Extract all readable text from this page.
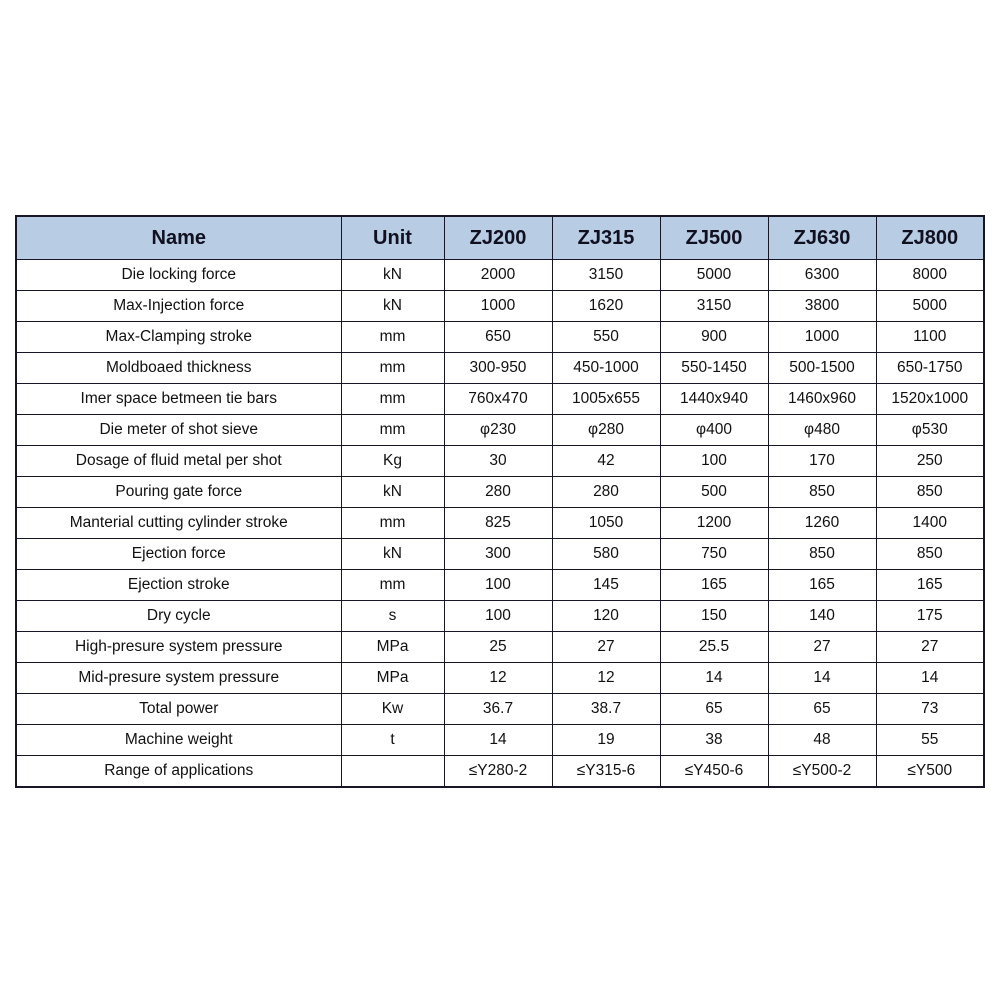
Name	Unit	ZJ200	ZJ315	ZJ500	ZJ630	ZJ800
Die locking force	kN	2000	3150	5000	6300	8000
Max-Injection force	kN	1000	1620	3150	3800	5000
Max-Clamping stroke	mm	650	550	900	1000	1100
Moldboaed thickness	mm	300-950	450-1000	550-1450	500-1500	650-1750
Imer space betmeen tie bars	mm	760x470	1005x655	1440x940	1460x960	1520x1000
Die meter of shot sieve	mm	φ230	φ280	φ400	φ480	φ530
Dosage of fluid metal per shot	Kg	30	42	100	170	250
Pouring gate force	kN	280	280	500	850	850
Manterial cutting cylinder stroke	mm	825	1050	1200	1260	1400
Ejection force	kN	300	580	750	850	850
Ejection stroke	mm	100	145	165	165	165
Dry cycle	s	100	120	150	140	175
High-presure system pressure	MPa	25	27	25.5	27	27
Mid-presure system pressure	MPa	12	12	14	14	14
Total power	Kw	36.7	38.7	65	65	73
Machine weight	t	14	19	38	48	55
Range of applications		≤Y280-2	≤Y315-6	≤Y450-6	≤Y500-2	≤Y500
